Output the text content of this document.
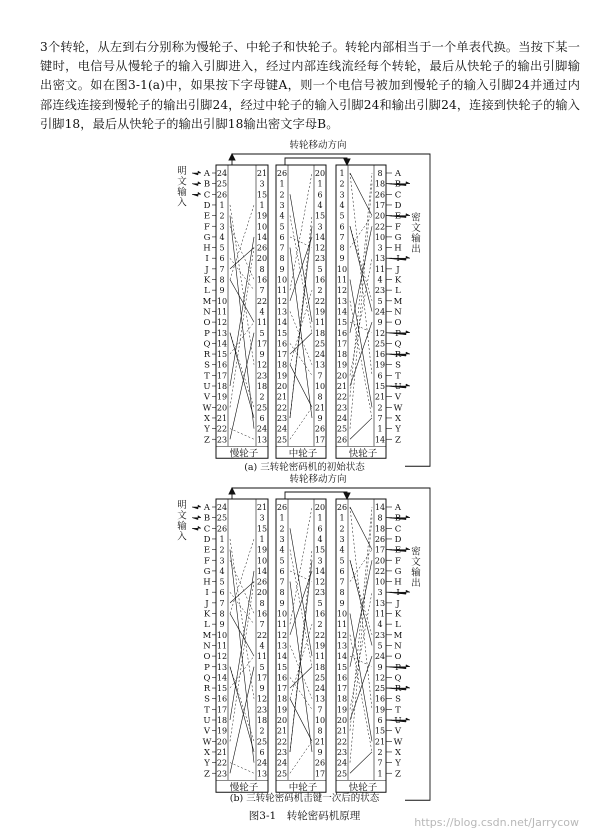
3个转轮，从左到右分别称为慢轮子、中轮子和快轮子。转轮内部相当于一个单表代换。当按下某一键时，电信号从慢轮子的输入引脚进入，经过内部连线流经每个转轮，最后从快轮子的输出引脚输出密文。如在图3-1(a)中，如果按下字母键A，则一个电信号被加到慢轮子的输入引脚24并通过内部连线连接到慢轮子的输出引脚24，经过中轮子的输入引脚24和输出引脚24，连接到快轮子的输入引脚18，最后从快轮子的输出引脚18输出密文字母B。
转轮移动方向
明
文
输
入
A
B
C
D
E
F
G
H
I
J
K
L
M
N
O
P
Q
R
S
T
U
V
W
X
Y
Z
24
25
26
1
2
3
4
5
6
7
8
9
10
11
12
13
14
15
16
17
18
19
20
21
22
23
21
3
15
1
19
10
14
26
20
8
16
7
22
4
11
5
17
9
12
23
18
2
25
6
24
13
慢轮子
26
1
2
3
4
5
6
7
8
9
10
11
12
13
14
15
16
17
18
19
20
21
22
23
24
25
20
1
6
4
15
3
14
12
23
5
16
2
22
19
11
18
25
24
13
7
10
8
21
9
26
17
中轮子
1
2
3
4
5
6
7
8
9
10
11
12
13
14
15
16
17
18
19
20
21
22
23
24
25
26
8
18
26
17
20
22
10
3
13
11
4
23
5
24
9
12
25
16
19
6
15
21
2
7
1
14
快轮子
A
C
D
F
G
H
J
K
L
M
N
O
Q
S
T
V
W
X
Y
Z
密
文
输
出
(a) 三转轮密码机的初始状态
转轮移动方向
明
文
输
入
A
B
C
D
E
F
G
H
I
J
K
L
M
N
O
P
Q
R
S
T
U
V
W
X
Y
Z
24
25
26
1
2
3
4
5
6
7
8
9
10
11
12
13
14
15
16
17
18
19
20
21
22
23
21
3
15
1
19
10
14
26
20
8
16
7
22
4
11
5
17
9
12
23
18
2
25
6
24
13
慢轮子
26
1
2
3
4
5
6
7
8
9
10
11
12
13
14
15
16
17
18
19
20
21
22
23
24
25
20
1
6
4
15
3
14
12
23
5
16
2
22
19
11
18
25
24
13
7
10
8
21
9
26
17
中轮子
26
1
2
3
4
5
6
7
8
9
10
11
12
13
14
15
16
17
18
19
20
21
22
23
24
25
14
8
18
26
17
20
22
10
3
13
11
4
23
5
24
9
12
25
16
19
6
15
21
2
7
1
快轮子
A
C
D
F
G
H
J
K
L
M
N
O
Q
S
T
V
W
X
Y
Z
密
文
输
出
(b) 三转轮密码机击键一次后的状态
图3-1　转轮密码机原理	https://blog.csdn.net/Jarrycow
